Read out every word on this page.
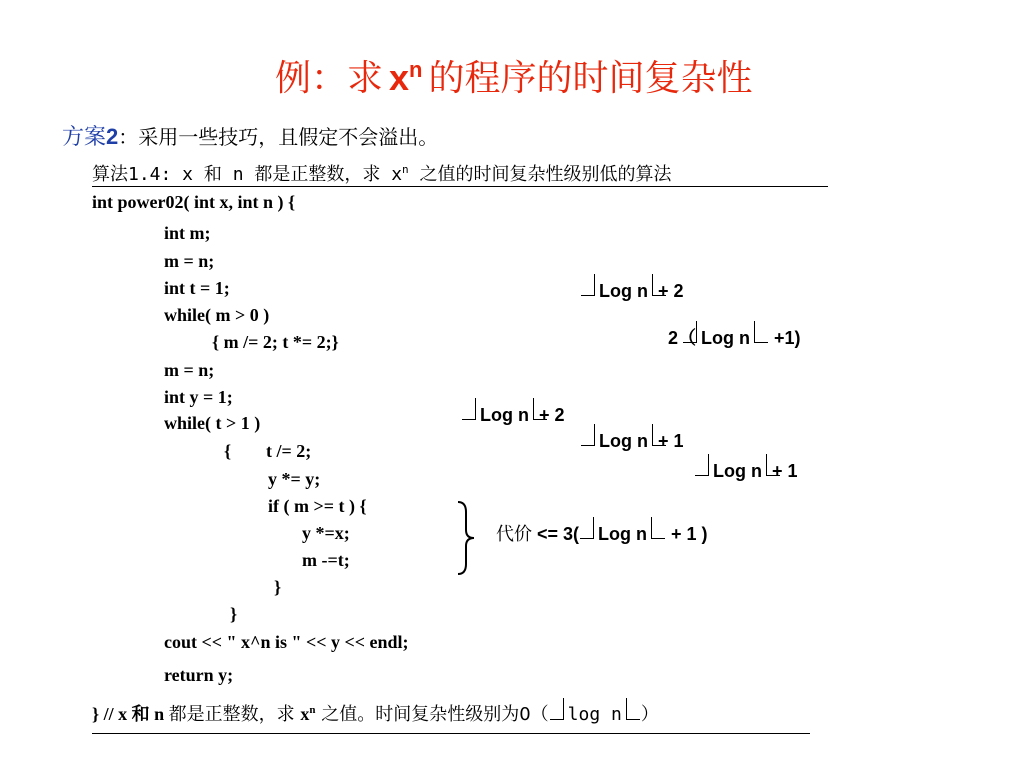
例：求 $x^n$ 的程序的时间复杂性
方案2：采用一些技巧，且假定不会溢出。
算法1.4: x 和 n 都是正整数，求 $x^n$ 之值的时间复杂性级别低的算法
int power02( int x, int n ) {
int m;
m = n;
int t = 1;
while( m > 0 )
{ m /= 2; t *= 2;}
m = n;
int y = 1;
while( t > 1 )
{ t /= 2;
y *= y;
if ( m >= t ) {
y *=x;
m -=t;
}
}
cout << " x^n is " << y << endl;
return y;
Log n + 2
2（ Log n +1)
Log n + 2
Log n + 1
Log n + 1
代价 <= 3( Log n + 1 )
} // x 和 n 都是正整数，求 $x^n$ 之值。时间复杂性级别为0（ log n ）
